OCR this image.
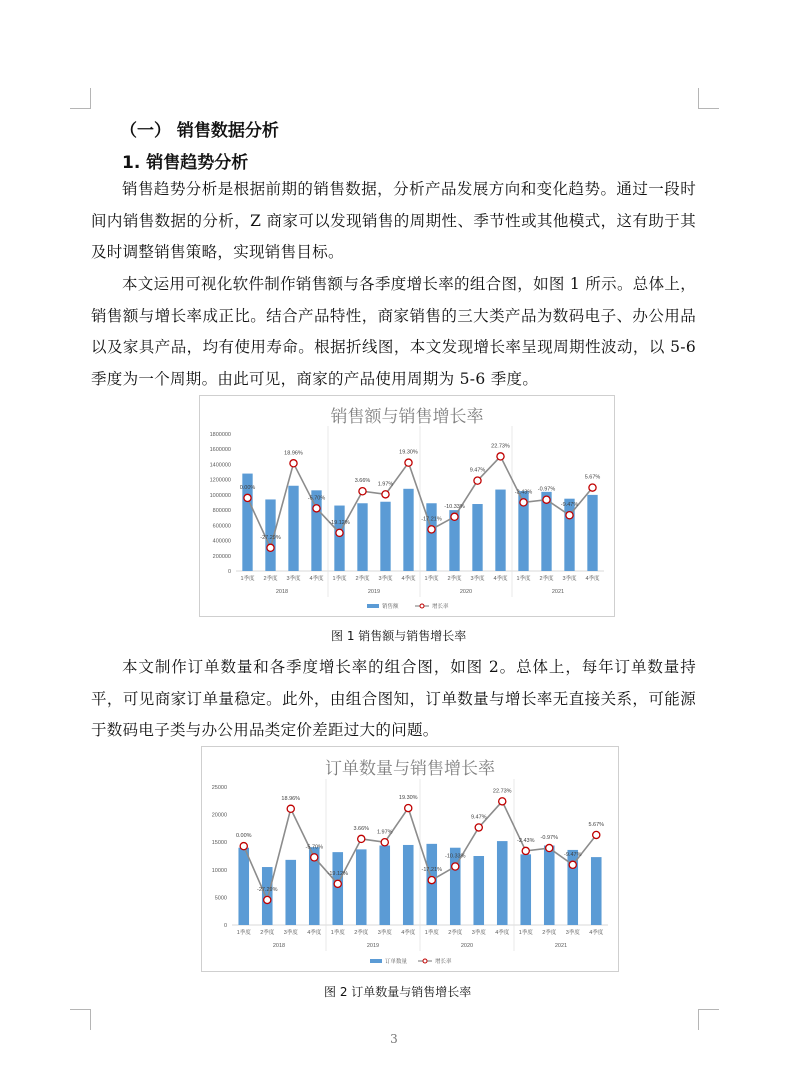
（一） 销售数据分析
1. 销售趋势分析
销售趋势分析是根据前期的销售数据，分析产品发展方向和变化趋势。通过一段时间内销售数据的分析，Z 商家可以发现销售的周期性、季节性或其他模式，这有助于其及时调整销售策略，实现销售目标。
本文运用可视化软件制作销售额与各季度增长率的组合图，如图 1 所示。总体上，销售额与增长率成正比。结合产品特性，商家销售的三大类产品为数码电子、办公用品以及家具产品，均有使用寿命。根据折线图，本文发现增长率呈现周期性波动，以 5-6 季度为一个周期。由此可见，商家的产品使用周期为 5-6 季度。
销售额与销售增长率
0
200000
400000
600000
800000
1000000
1200000
1400000
1600000
1800000
1季度 2季度 3季度 4季度 1季度 2季度 3季度 4季度 1季度 2季度 3季度 4季度 1季度 2季度 3季度 4季度
2018	2019	2020	2021
0.00%
-27.29%
18.96%
-5.70%
-19.12%
3.66%
1.97%
19.30%
-17.21%
-10.33%
9.47%
22.73%
-2.43% -0.97%
-9.47%
5.67%
销售额	增长率
图 1 销售额与销售增长率
本文制作订单数量和各季度增长率的组合图，如图 2。总体上，每年订单数量持平，可见商家订单量稳定。此外，由组合图知，订单数量与增长率无直接关系，可能源于数码电子类与办公用品类定价差距过大的问题。
订单数量与销售增长率
0
5000
10000
15000
20000
25000
1季度 2季度 3季度 4季度 1季度 2季度 3季度 4季度 1季度 2季度 3季度 4季度 1季度 2季度 3季度 4季度
2018	2019	2020	2021
0.00%
-27.29%
18.96%
-5.70%
-19.12%
3.66%
1.97%
19.30%
-17.21%
-10.33%
9.47%
22.73%
-2.43% -0.97%
-9.47%
5.67%
订单数量	增长率
图 2 订单数量与销售增长率
3
